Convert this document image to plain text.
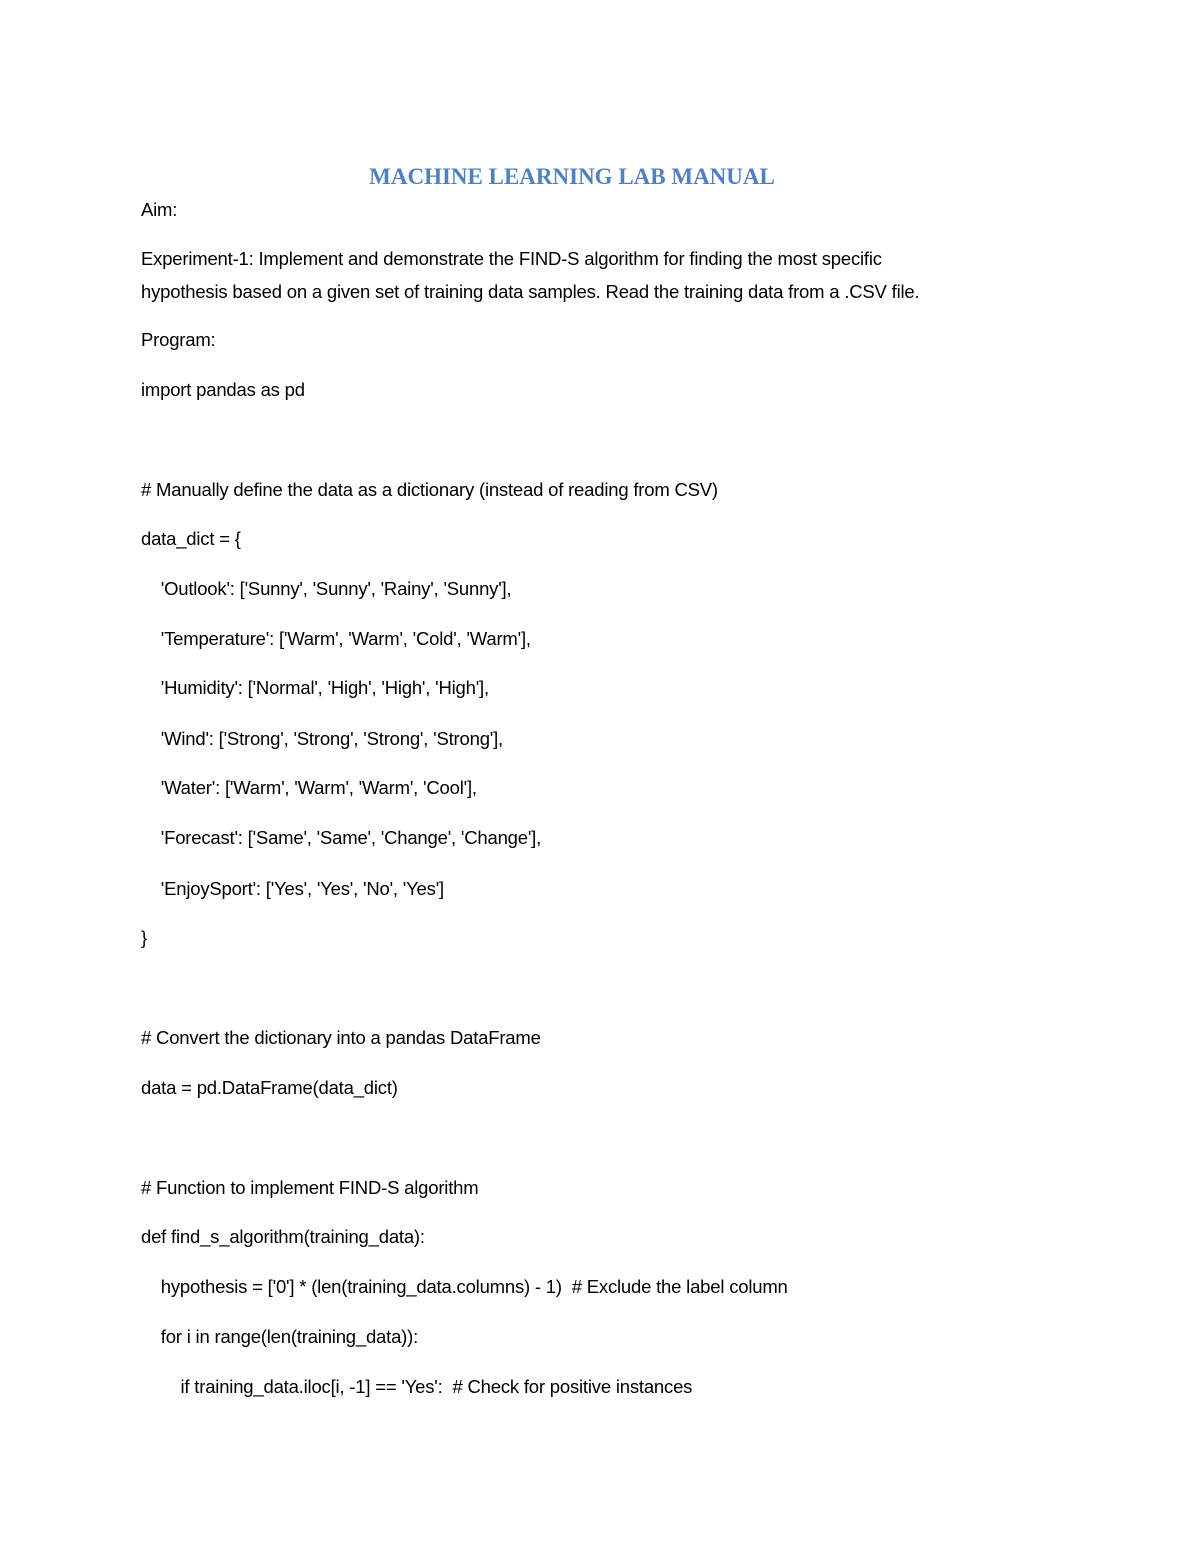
MACHINE LEARNING LAB MANUAL
Aim:
Experiment-1: Implement and demonstrate the FIND-S algorithm for finding the most specific
hypothesis based on a given set of training data samples. Read the training data from a .CSV file.
Program:
import pandas as pd
# Manually define the data as a dictionary (instead of reading from CSV)
data_dict = {
'Outlook': ['Sunny', 'Sunny', 'Rainy', 'Sunny'],
'Temperature': ['Warm', 'Warm', 'Cold', 'Warm'],
'Humidity': ['Normal', 'High', 'High', 'High'],
'Wind': ['Strong', 'Strong', 'Strong', 'Strong'],
'Water': ['Warm', 'Warm', 'Warm', 'Cool'],
'Forecast': ['Same', 'Same', 'Change', 'Change'],
'EnjoySport': ['Yes', 'Yes', 'No', 'Yes']
}
# Convert the dictionary into a pandas DataFrame
data = pd.DataFrame(data_dict)
# Function to implement FIND-S algorithm
def find_s_algorithm(training_data):
hypothesis = ['0'] * (len(training_data.columns) - 1)  # Exclude the label column
for i in range(len(training_data)):
if training_data.iloc[i, -1] == 'Yes':  # Check for positive instances
